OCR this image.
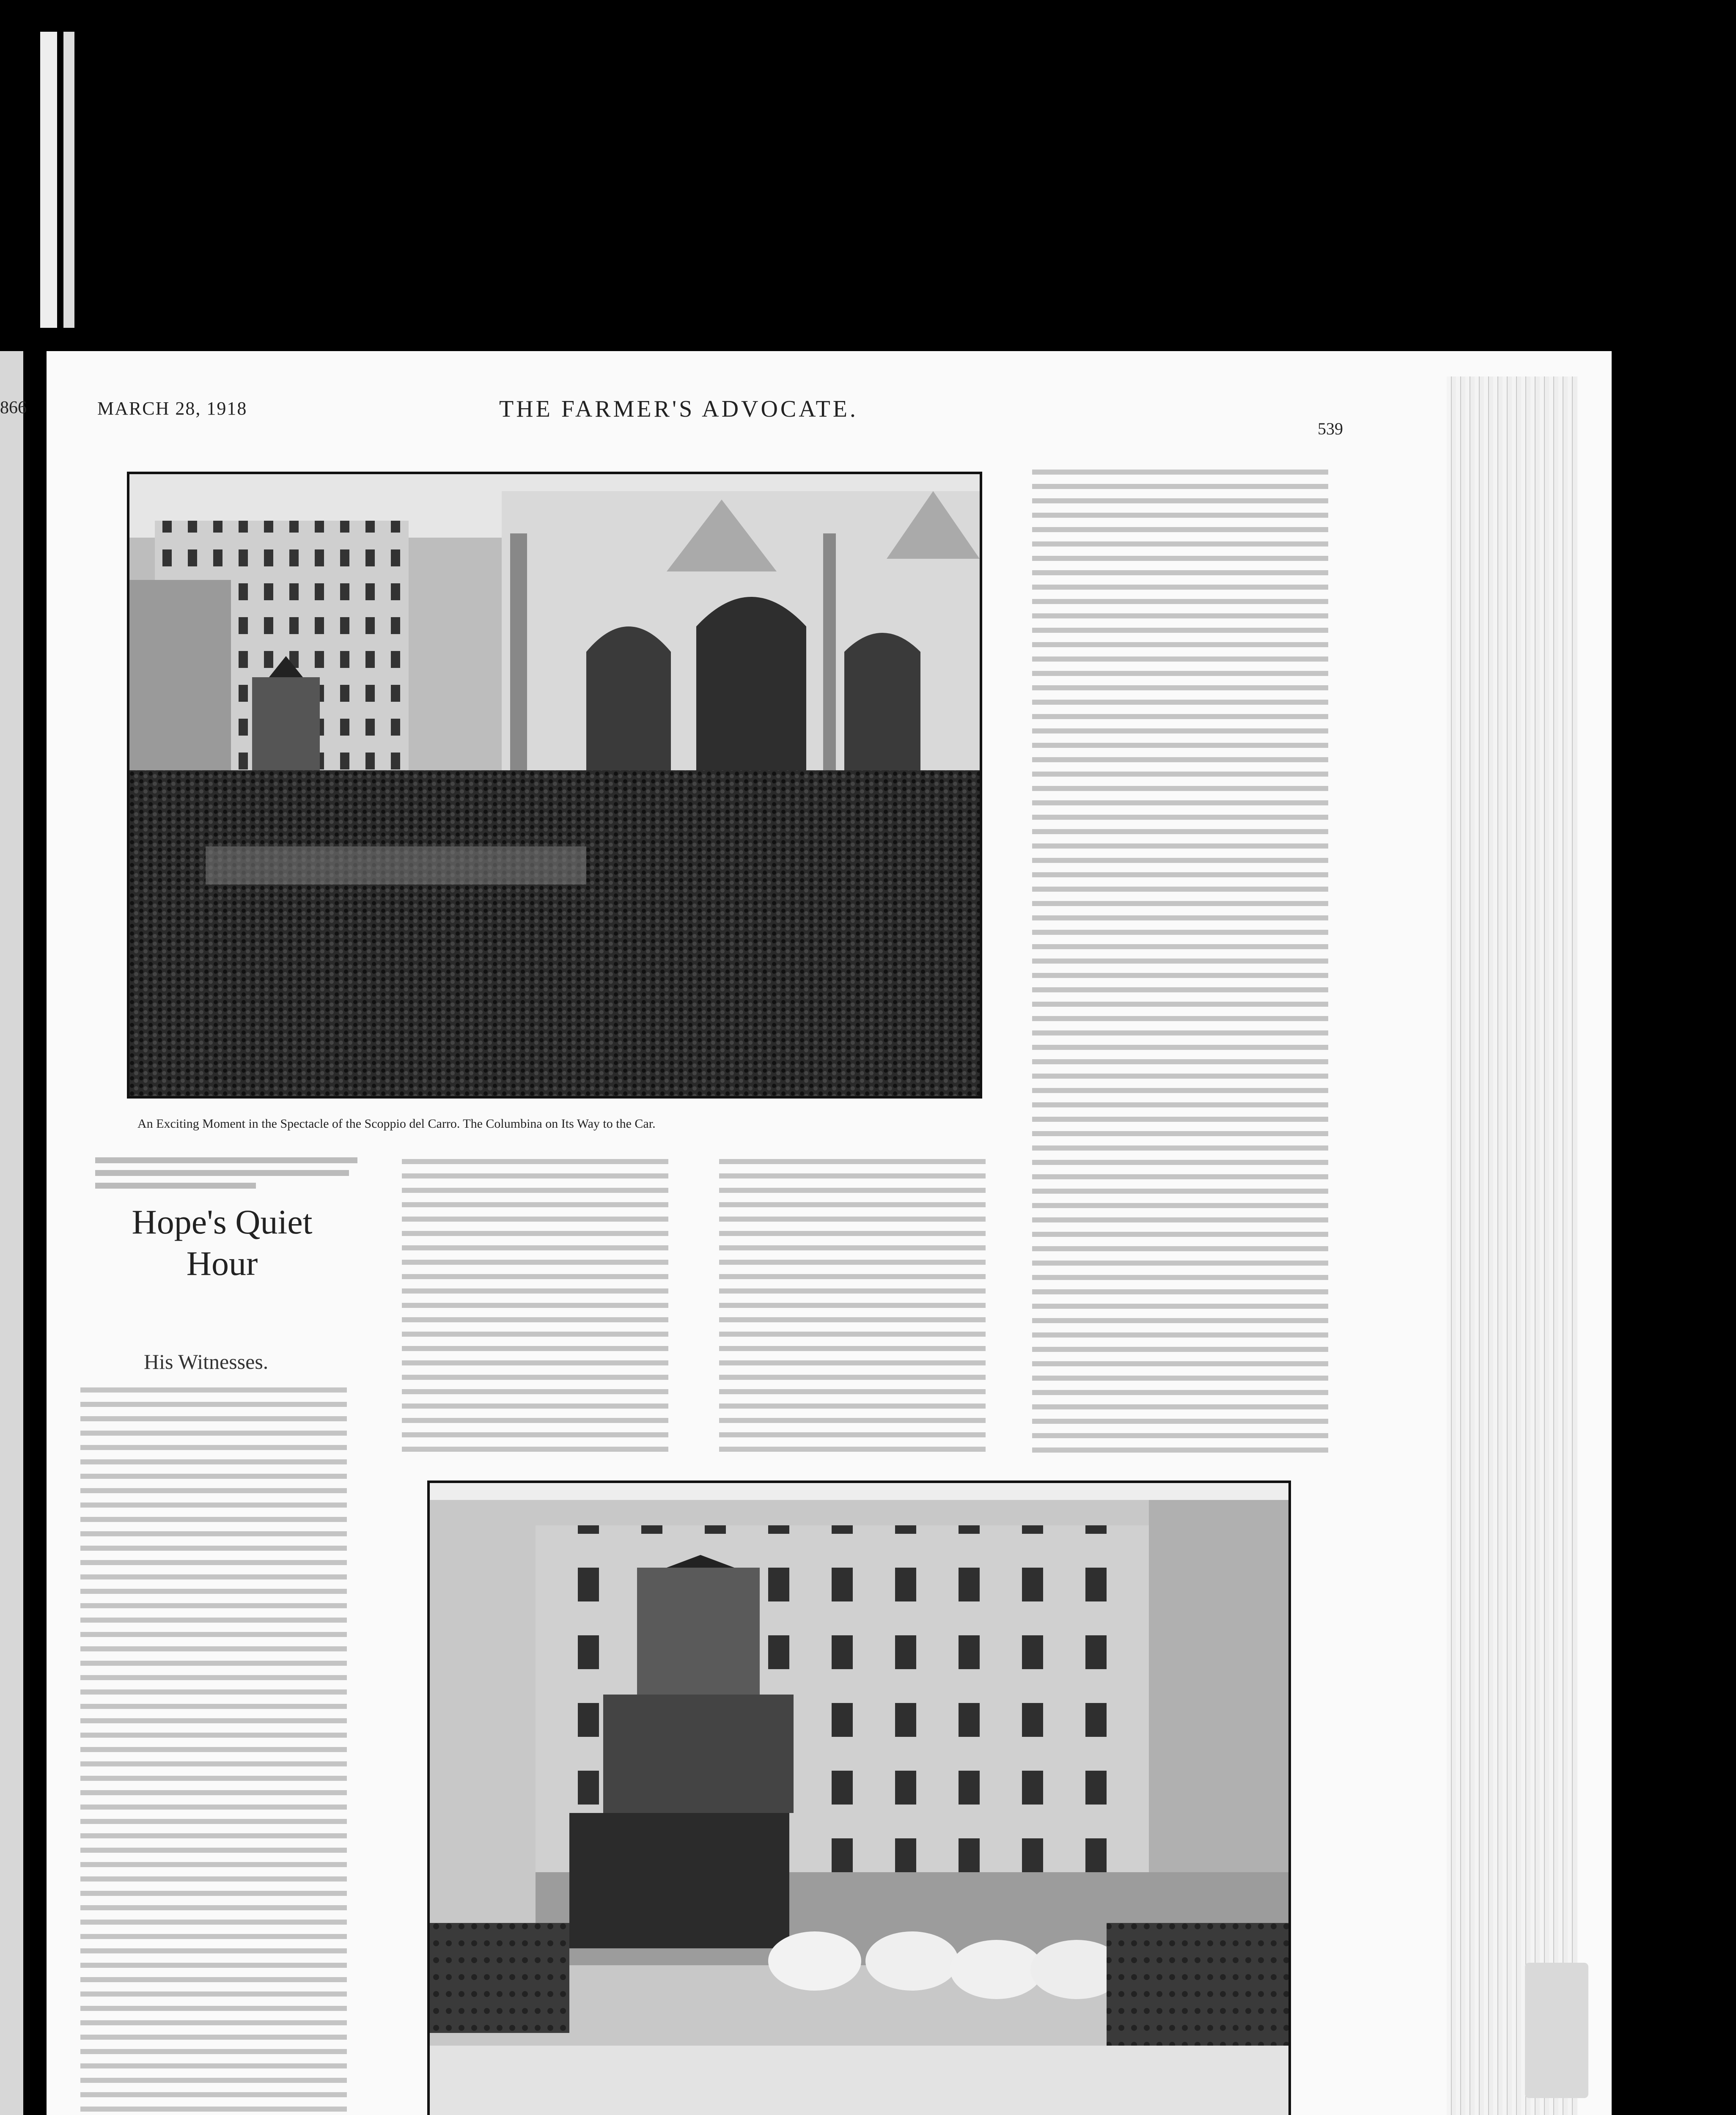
866	MARCH 28, 1918	THE FARMER'S ADVOCATE.
539
An Exciting Moment in the Spectacle of the Scoppio del Carro. The Columbina on Its Way to the Car.
Hope's Quiet Hour
His Witnesses.
